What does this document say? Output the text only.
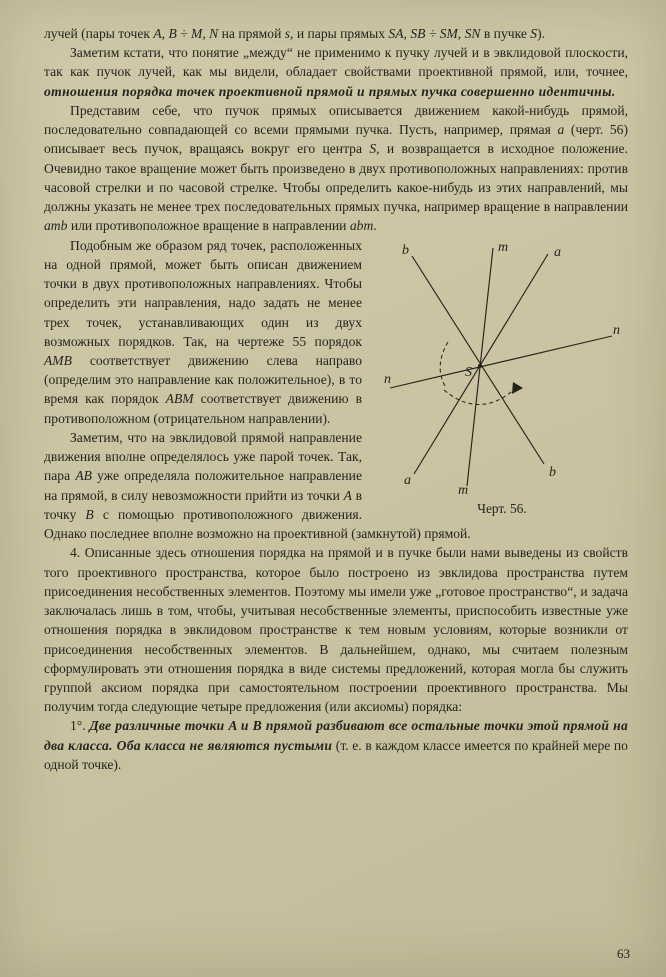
лучей (пары точек A, B ÷ M, N на прямой s, и пары прямых SA, SB ÷ SM, SN в пучке S).

Заметим кстати, что понятие „между“ не применимо к пучку лучей и в эвклидовой плоскости, так как пучок лучей, как мы видели, обладает свойствами проективной прямой, или, точнее, отношения порядка точек проективной прямой и прямых пучка совершенно идентичны.

Представим себе, что пучок прямых описывается движением какой-нибудь прямой, последовательно совпадающей со всеми прямыми пучка. Пусть, например, прямая a (черт. 56) описывает весь пучок, вращаясь вокруг его центра S, и возвращается в исходное положение. Очевидно такое вращение может быть произведено в двух противоположных направлениях: против часовой стрелки и по часовой стрелке. Чтобы определить какое-нибудь из этих направлений, мы должны указать не менее трех последовательных прямых пучка, например вращение в направлении amb или противоположное вращение в направлении abm.

S
b	m	a
n
n
a
m
b
Черт. 56.

Подобным же образом ряд точек, расположенных на одной прямой, может быть описан движением точки в двух противоположных направлениях. Чтобы определить эти направления, надо задать не менее трех точек, устанавливающих один из двух возможных порядков. Так, на чертеже 55 порядок AMB соответствует движению слева направо (определим это направление как положительное), в то время как порядок ABM соответствует движению в противоположном (отрицательном направлении).

Заметим, что на эвклидовой прямой направление движения вполне определялось уже парой точек. Так, пара AB уже определяла положительное направление на прямой, в силу невозможности прийти из точки A в точку B с помощью противоположного движения. Однако последнее вполне возможно на проективной (замкнутой) прямой.

4. Описанные здесь отношения порядка на прямой и в пучке были нами выведены из свойств того проективного пространства, которое было построено из эвклидова пространства путем присоединения несобственных элементов. Поэтому мы имели уже „готовое пространство“, и задача заключалась лишь в том, чтобы, учитывая несобственные элементы, приспособить известные уже отношения порядка в эвклидовом пространстве к тем новым условиям, которые возникли от присоединения несобственных элементов. В дальнейшем, однако, мы считаем полезным сформулировать эти отношения порядка в виде системы предложений, которая могла бы служить группой аксиом порядка при самостоятельном построении проективного пространства. Мы получим тогда следующие четыре предложения (или аксиомы) порядка:

1°. Две различные точки A и B прямой разбивают все остальные точки этой прямой на два класса. Оба класса не являются пустыми (т. е. в каждом классе имеется по крайней мере по одной точке).

63
